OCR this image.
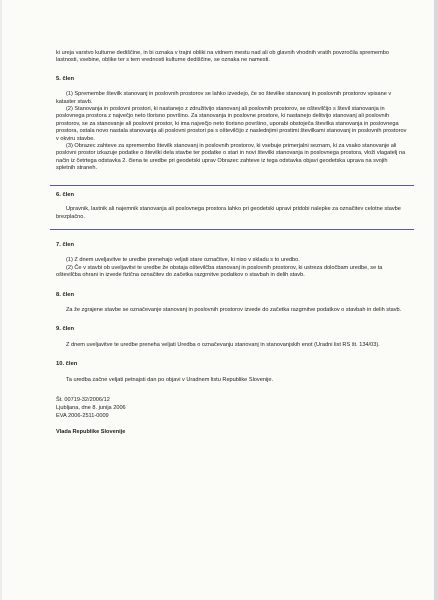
ki ureja varstvo kulturne dediščine, in bi oznaka v trajni obliki na vidnem mestu nad ali ob glavnih vhodnih vratih povzročila spremembo lastnosti, vsebine, oblike ter s tem vrednosti kulturne dediščine, se oznaka ne namesti.

5. člen

(1) Spremembe številk stanovanj in poslovnih prostorov se lahko izvedejo, če so številke stanovanj in poslovnih prostorov vpisane v kataster stavb.

(2) Stanovanja in poslovni prostori, ki nastanejo z združitvijo stanovanj ali poslovnih prostorov, se oštevilčijo s števil stanovanja in poslovnega prostora z največjo neto tlorisno površino. Za stanovanja in poslovne prostore, ki nastanejo delitvijo stanovanj ali poslovnih prostorov, se za stanovanje ali poslovni prostor, ki ima največjo neto tlorisno površino, uporabi obstoječa številka stanovanja in poslovnega prostora, ostala novo nastala stanovanja ali poslovni prostori pa s oštevilčijo z naslednjimi prostimi številkami stanovanj in poslovnih prostorov v okviru stavbe.

(3) Obrazec zahteve za spremembo številk stanovanj in poslovnih prostorov, ki vsebuje primerjalni seznam, ki za vsako stanovanje ali poslovni prostor izkazuje podatke o številki dela stavbe ter podatke o stari in novi številki stanovanja in poslovnega prostora, vloži vlagatelj na način iz četrtega odstavka 2. člena te uredbe pri geodetski uprav Obrazec zahteve iz tega odstavka objavi geodetska uprava na svojih spletnih straneh.

6. člen

Upravnik, lastnik ali najemnik stanovanja ali poslovnega prostora lahko pri geodetski upravi pridobi nalepke za označitev celotne stavbe brezplačno.

7. člen

(1) Z dnem uveljavitve te uredbe prenehajo veljati stare označitve, ki niso v skladu s to uredbo.

(2) Če v stavbi ob uveljavitvi te uredbe že obstaja oštevilčba stanovanj in poslovnih prostorov, ki ustreza določbam uredbe, se ta oštevilčba ohrani in izvede fizična označitev do začetka razgrnitve podatkov o stavbah in delih stavb.

8. člen

Za že zgrajene stavbe se označevanje stanovanj in poslovnih prostorov izvede do začetka razgrnitve podatkov o stavbah in delih stavb.

9. člen

Z dnem uveljavitve te uredbe preneha veljati Uredba o označevanju stanovanj in stanovanjskih enot (Uradni list RS št. 134/03).

10. člen

Ta uredba začne veljati petnajsti dan po objavi v Uradnem listu Republike Slovenije.

Št. 00719-32/2006/12

Ljubljana, dne 8. junija 2006

EVA 2006-2511-0009

Vlada Republike Slovenije
